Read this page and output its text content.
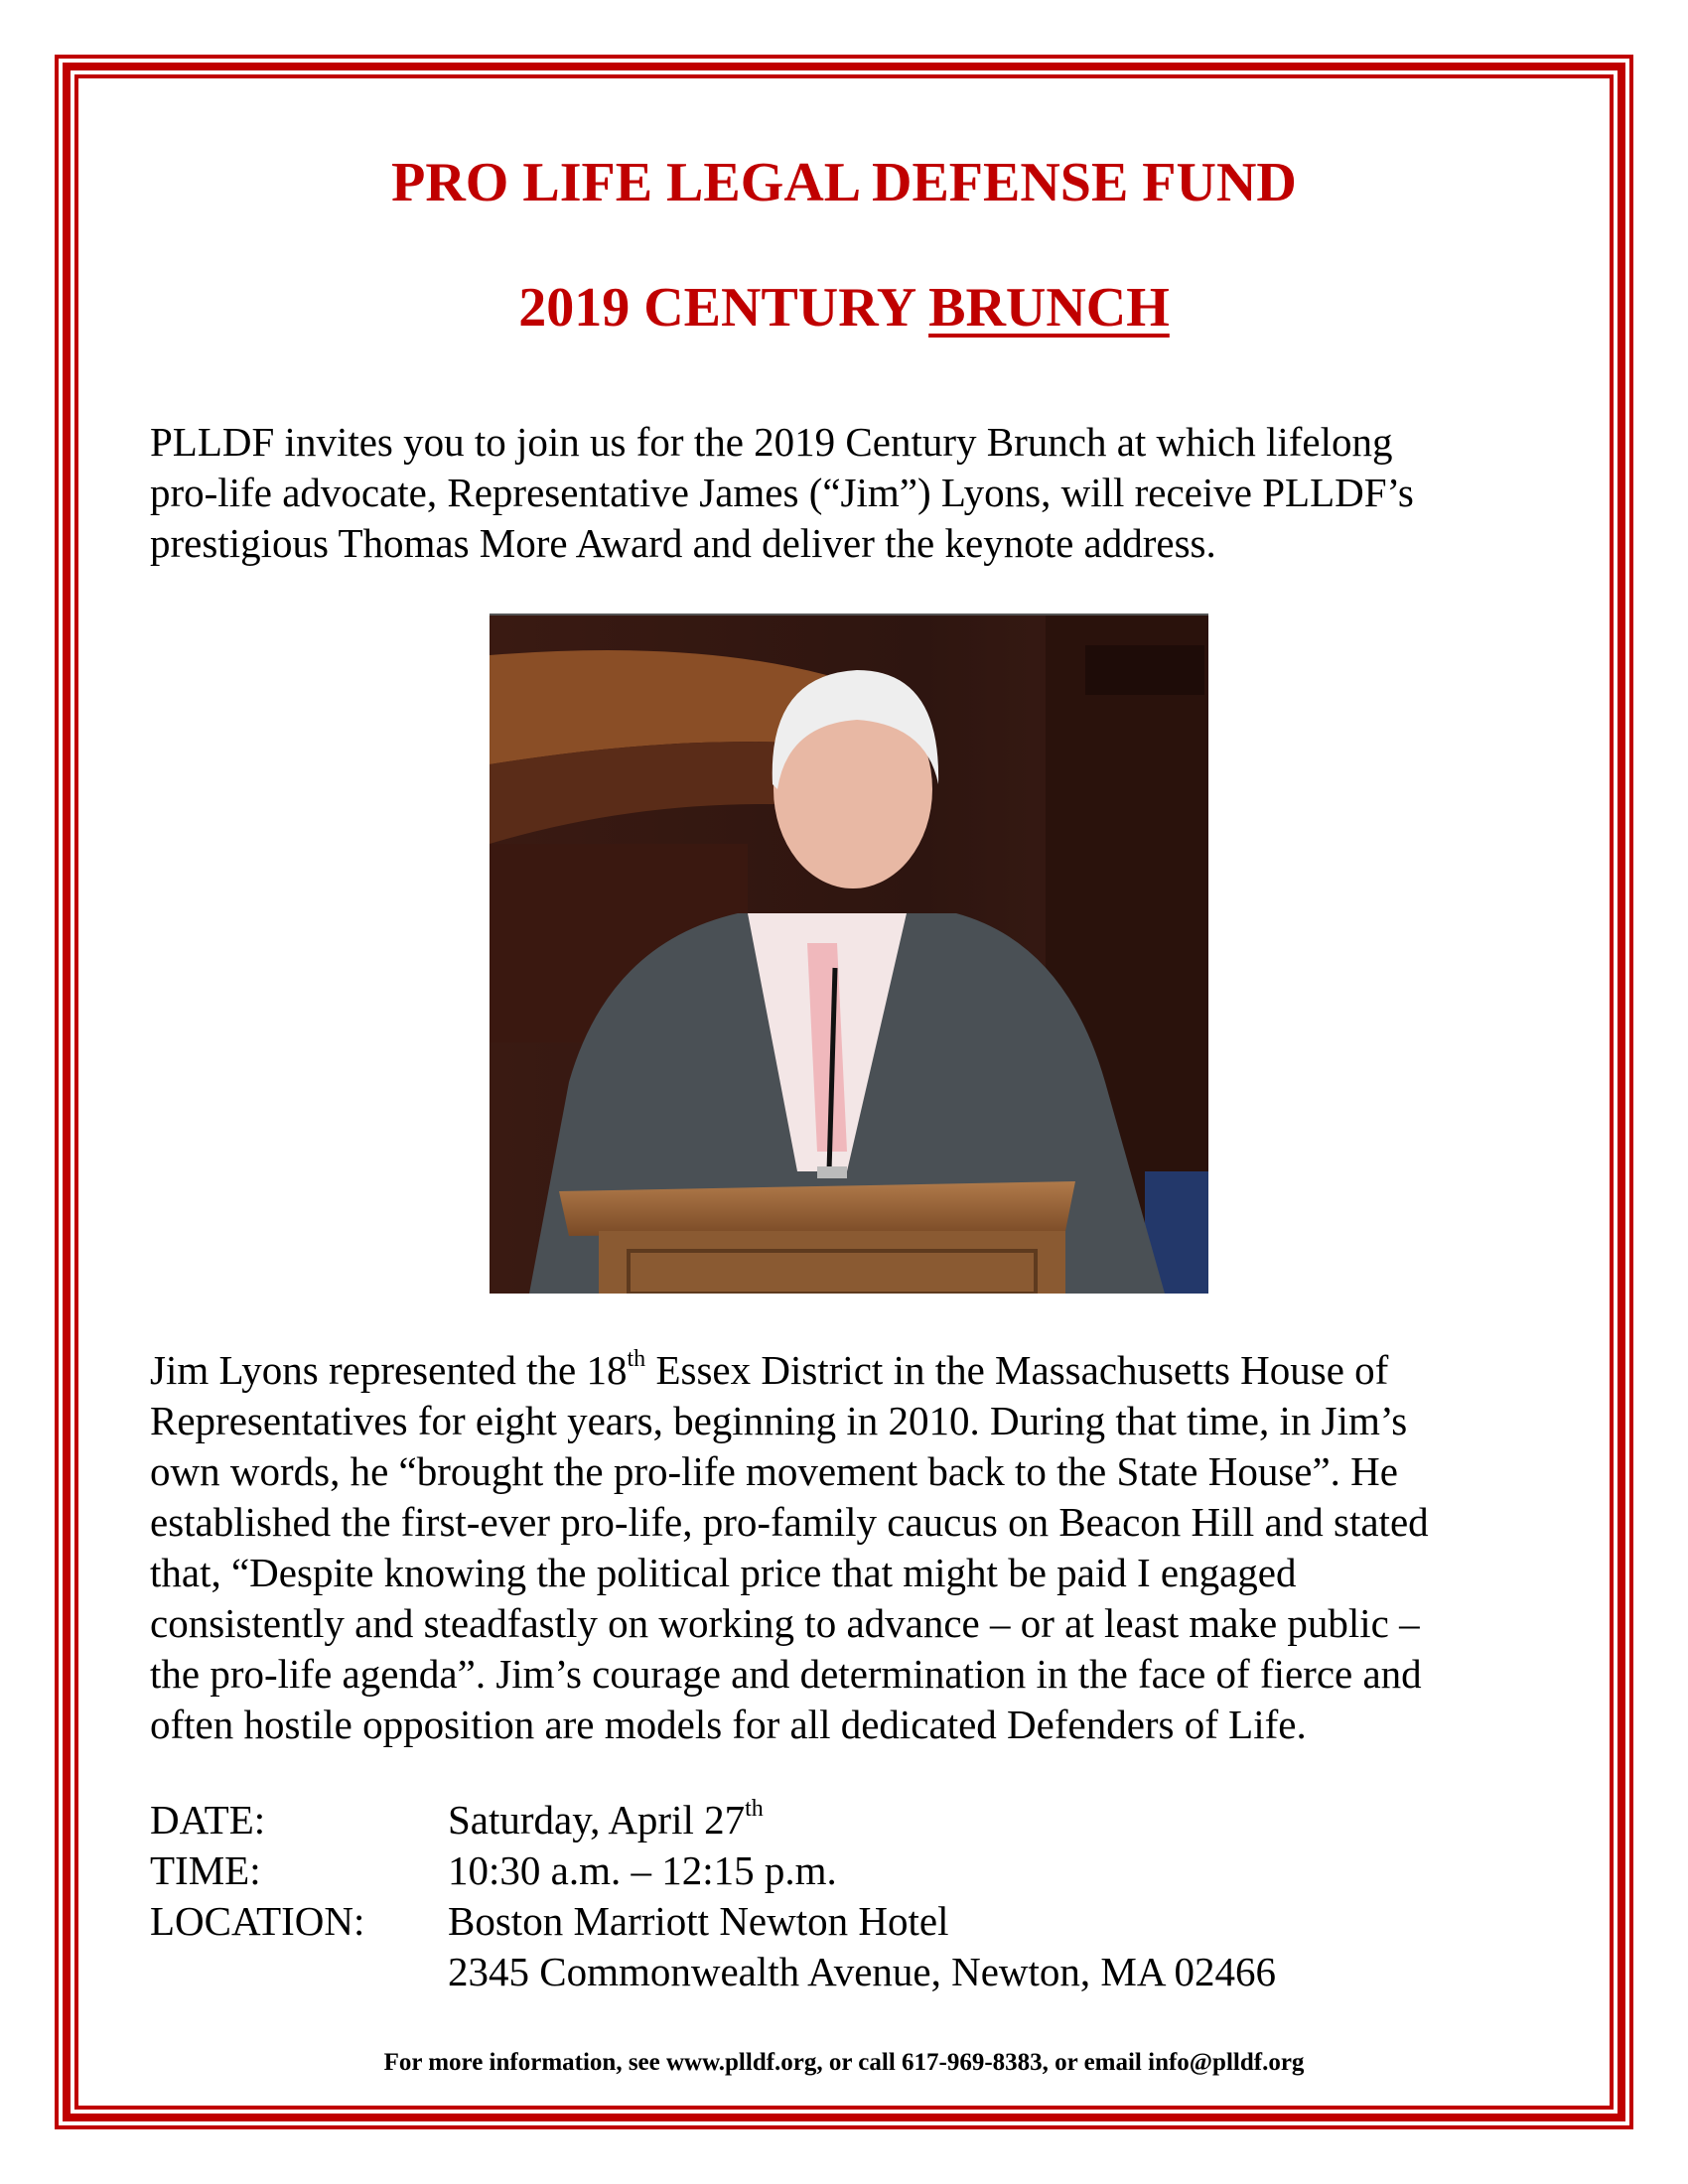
PRO LIFE LEGAL DEFENSE FUND
2019 CENTURY BRUNCH
PLLDF invites you to join us for the 2019 Century Brunch at which lifelong
pro-life advocate, Representative James (“Jim”) Lyons, will receive PLLDF’s
prestigious Thomas More Award and deliver the keynote address.
Jim Lyons represented the 18th Essex District in the Massachusetts House of
Representatives for eight years, beginning in 2010. During that time, in Jim’s
own words, he “brought the pro-life movement back to the State House”. He
established the first-ever pro-life, pro-family caucus on Beacon Hill and stated
that, “Despite knowing the political price that might be paid I engaged
consistently and steadfastly on working to advance – or at least make public –
the pro-life agenda”. Jim’s courage and determination in the face of fierce and
often hostile opposition are models for all dedicated Defenders of Life.
DATE:	Saturday, April 27th
TIME:	10:30 a.m. – 12:15 p.m.
LOCATION:	Boston Marriott Newton Hotel
2345 Commonwealth Avenue, Newton, MA 02466
For more information, see www.plldf.org, or call 617-969-8383, or email info@plldf.org
